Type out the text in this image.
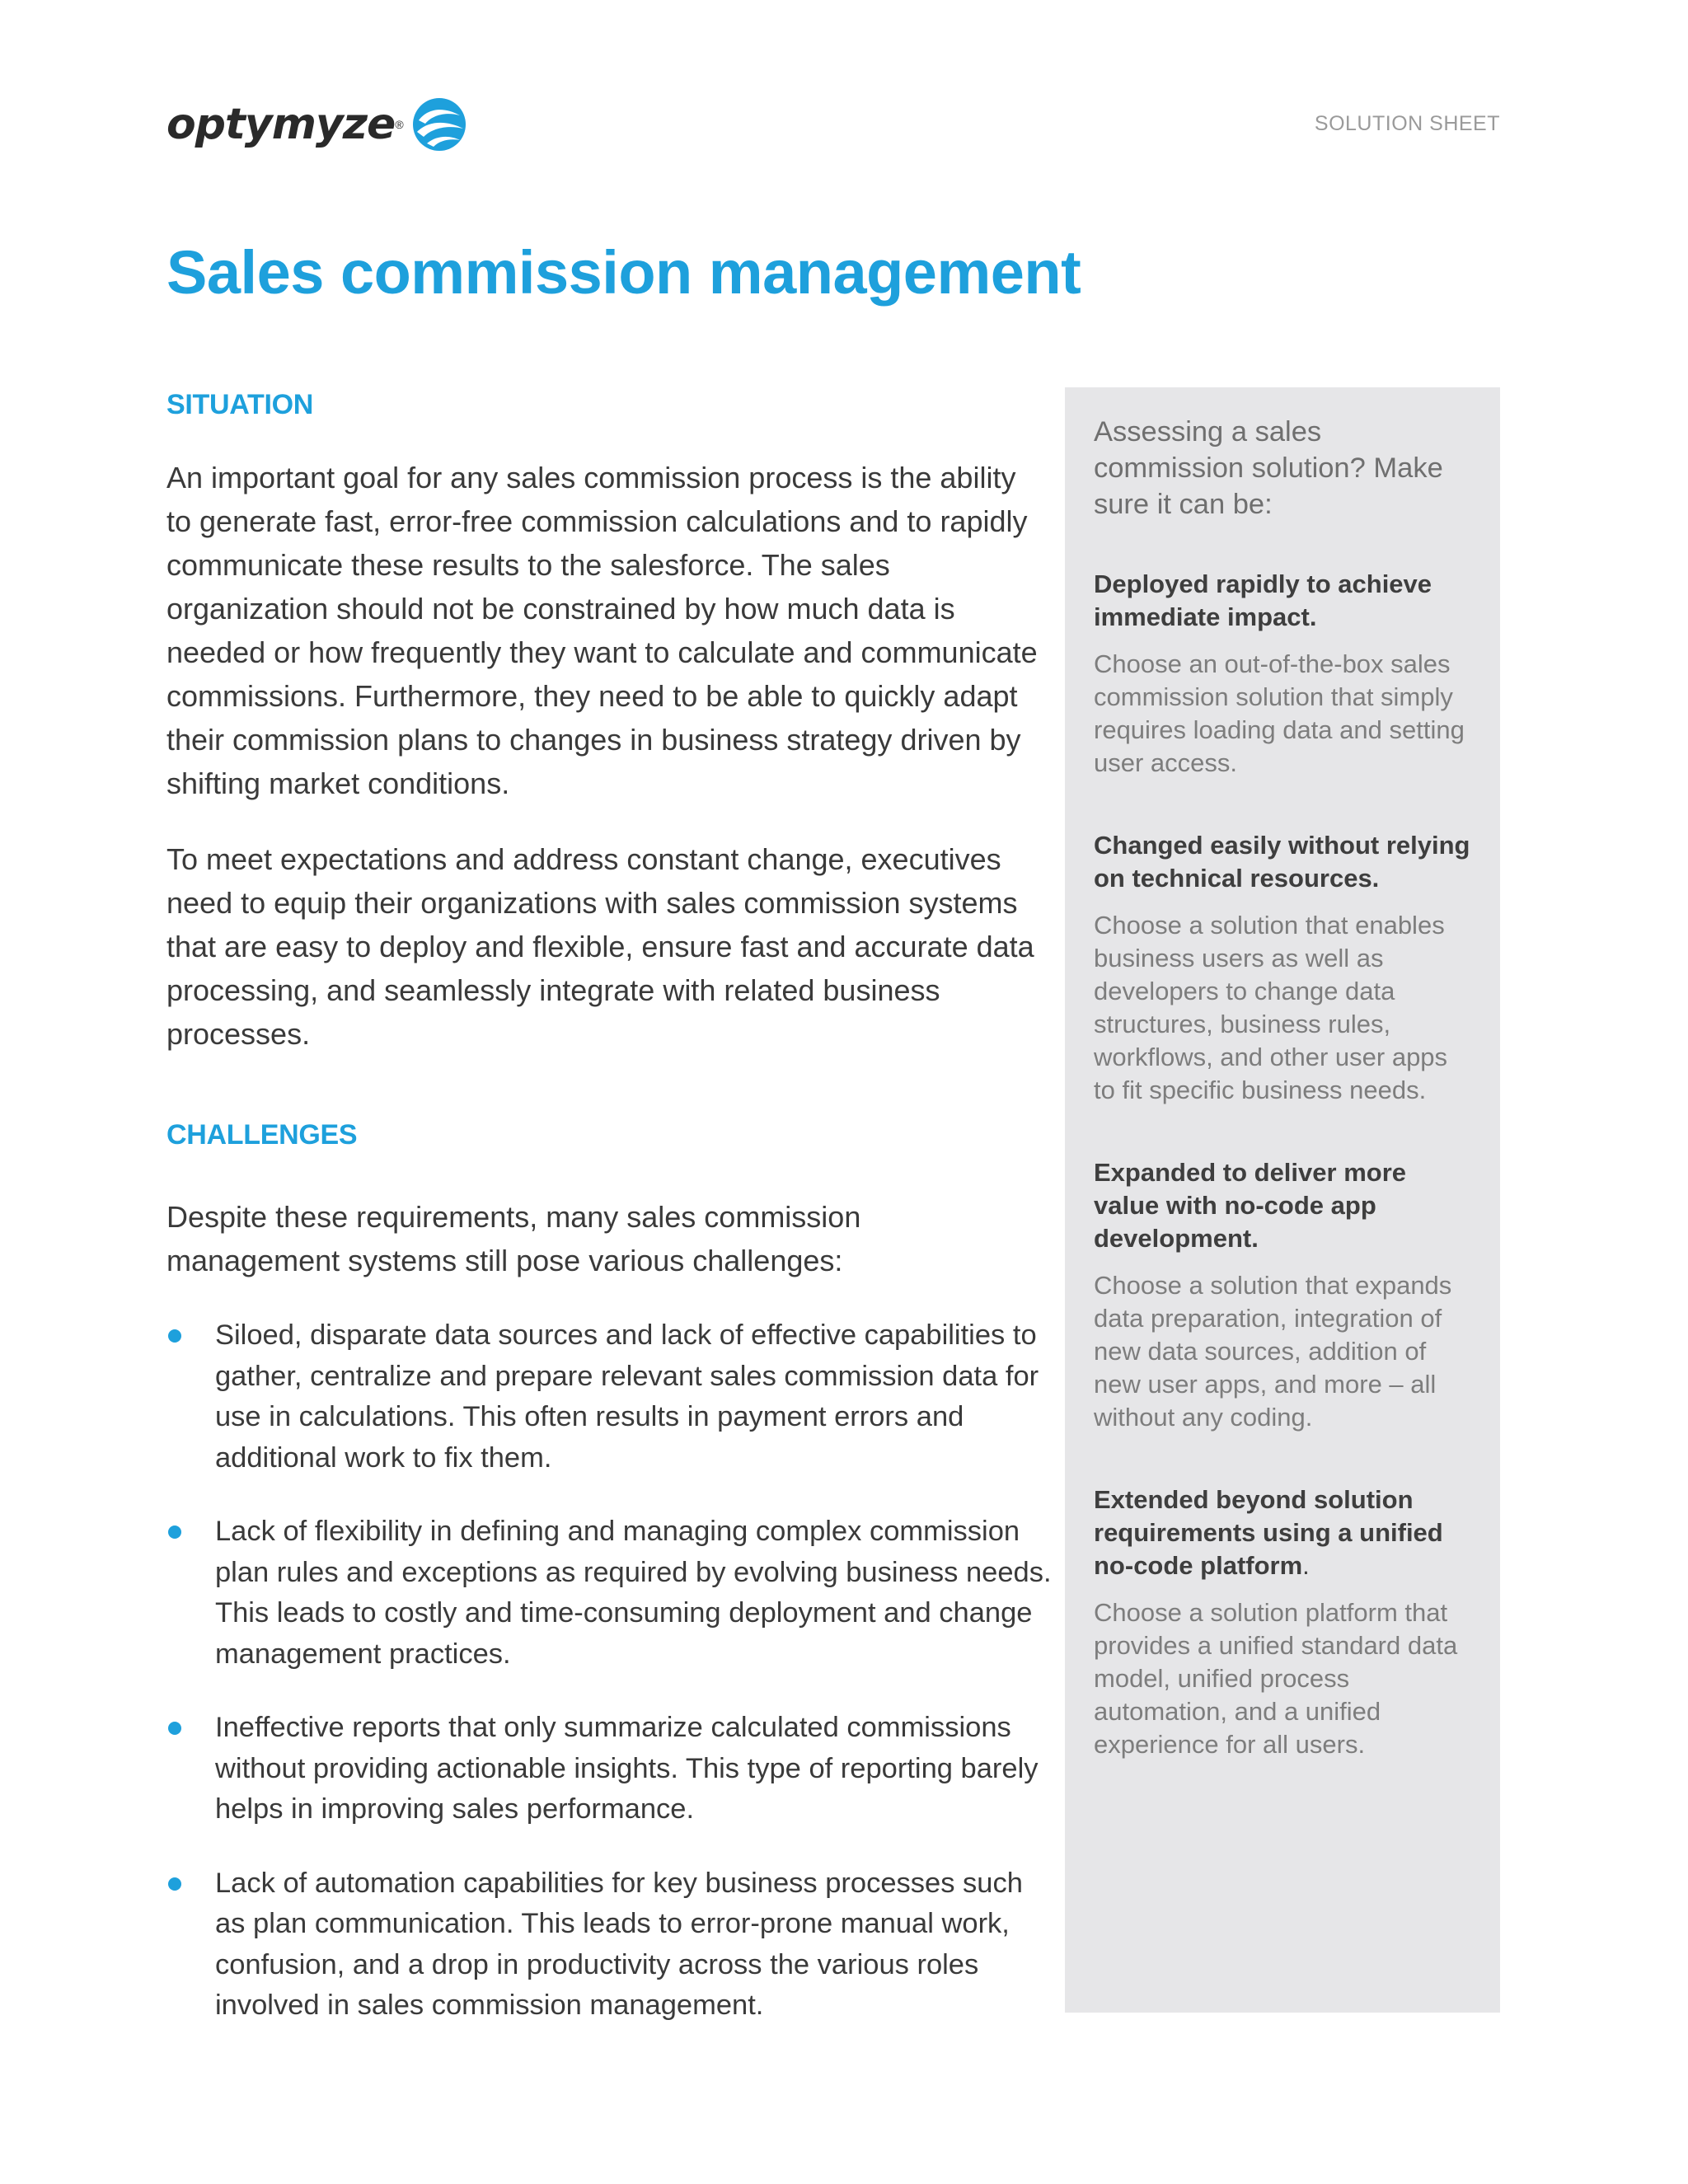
optymyze ®	SOLUTION SHEET
Sales commission management
SITUATION

An important goal for any sales commission process is the ability to generate fast, error-free commission calculations and to rapidly communicate these results to the salesforce. The sales organization should not be constrained by how much data is needed or how frequently they want to calculate and communicate commissions. Furthermore, they need to be able to quickly adapt their commission plans to changes in business strategy driven by shifting market conditions.

To meet expectations and address constant change, executives need to equip their organizations with sales commission systems that are easy to deploy and flexible, ensure fast and accurate data processing, and seamlessly integrate with related business processes.

CHALLENGES

Despite these requirements, many sales commission management systems still pose various challenges:

Siloed, disparate data sources and lack of effective capabilities to gather, centralize and prepare relevant sales commission data for use in calculations. This often results in payment errors and additional work to fix them.
Lack of flexibility in defining and managing complex commission plan rules and exceptions as required by evolving business needs. This leads to costly and time-consuming deployment and change management practices.
Ineffective reports that only summarize calculated commissions without providing actionable insights. This type of reporting barely helps in improving sales performance.
Lack of automation capabilities for key business processes such as plan communication. This leads to error-prone manual work, confusion, and a drop in productivity across the various roles involved in sales commission management.

Assessing a sales commission solution? Make sure it can be:

Deployed rapidly to achieve immediate impact.

Choose an out-of-the-box sales commission solution that simply requires loading data and setting user access.

Changed easily without relying on technical resources.

Choose a solution that enables business users as well as developers to change data structures, business rules, workflows, and other user apps to fit specific business needs.

Expanded to deliver more value with no-code app development.

Choose a solution that expands data preparation, integration of new data sources, addition of new user apps, and more – all without any coding.

Extended beyond solution requirements using a unified no-code platform.

Choose a solution platform that provides a unified standard data model, unified process automation, and a unified experience for all users.
